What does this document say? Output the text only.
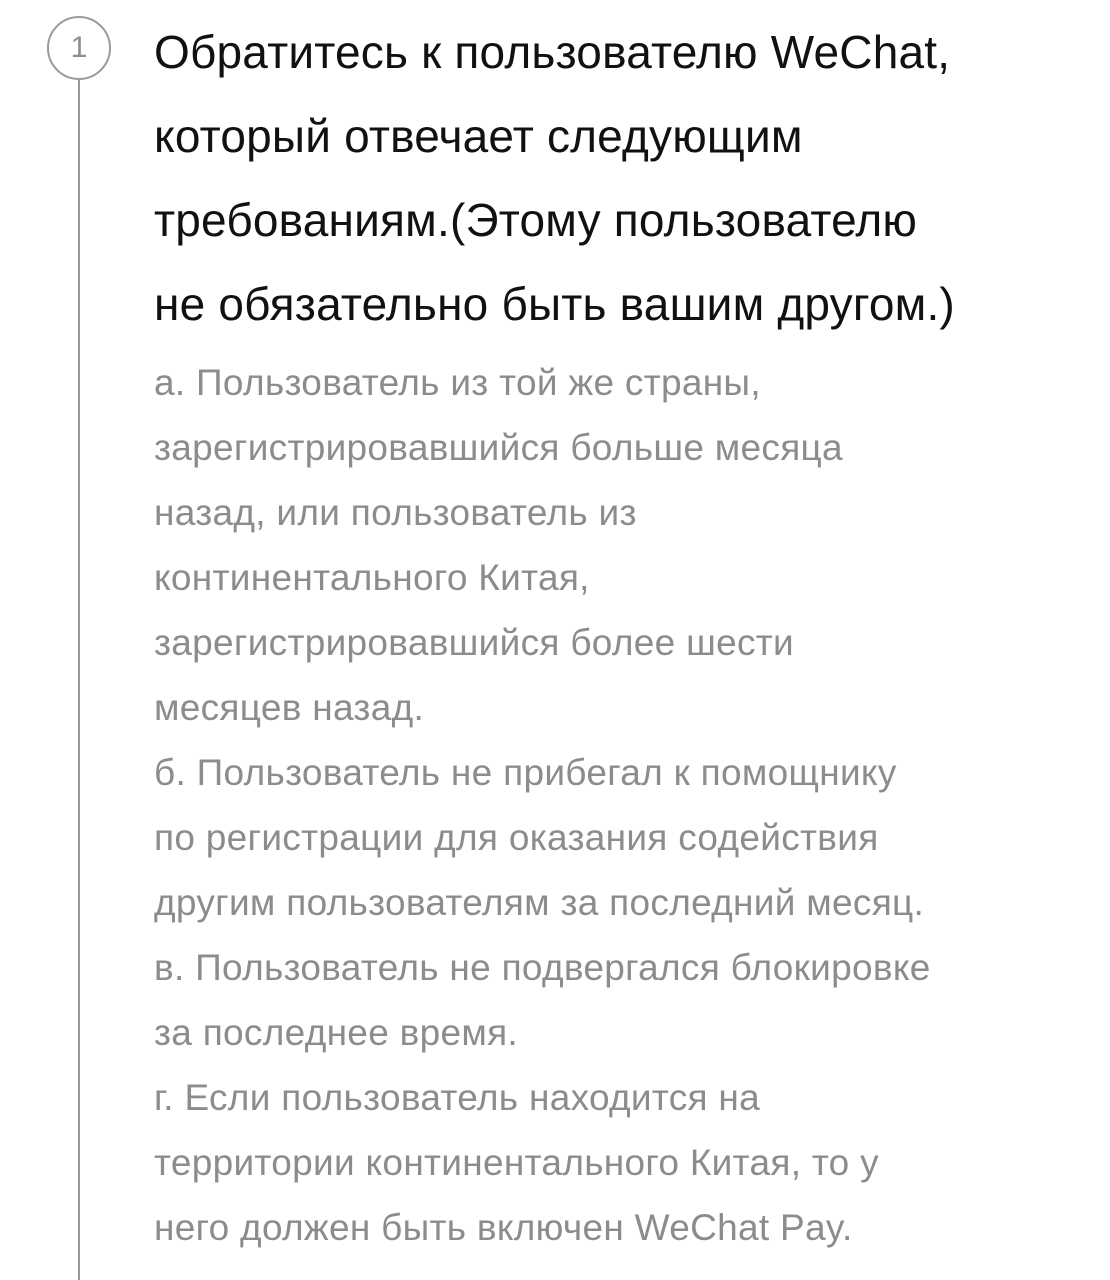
1	Обратитесь к пользователю WeChat,
который отвечает следующим
требованиям.(Этому пользователю
не обязательно быть вашим другом.)
а. Пользователь из той же страны,
зарегистрировавшийся больше месяца
назад, или пользователь из
континентального Китая,
зарегистрировавшийся более шести
месяцев назад.
б. Пользователь не прибегал к помощнику
по регистрации для оказания содействия
другим пользователям за последний месяц.
в. Пользователь не подвергался блокировке
за последнее время.
г. Если пользователь находится на
территории континентального Китая, то у
него должен быть включен WeChat Pay.
